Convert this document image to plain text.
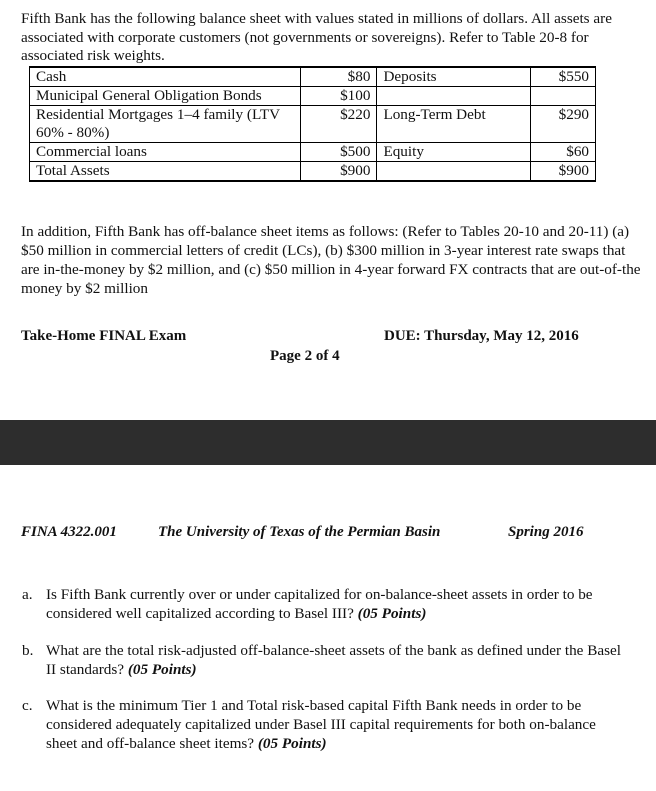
Fifth Bank has the following balance sheet with values stated in millions of dollars. All assets are associated with corporate customers (not governments or sovereigns). Refer to Table 20-8 for associated risk weights.
Cash	$80	Deposits	$550
Municipal General Obligation Bonds	$100		
Residential Mortgages 1–4 family (LTV 60% - 80%)	$220	Long-Term Debt	$290
Commercial loans	$500	Equity	$60
Total Assets	$900		$900
In addition, Fifth Bank has off-balance sheet items as follows: (Refer to Tables 20-10 and 20-11) (a) $50 million in commercial letters of credit (LCs), (b) $300 million in 3-year interest rate swaps that are in-the-money by $2 million, and (c) $50 million in 4-year forward FX contracts that are out-of-the money by $2 million
Take-Home FINAL Exam	DUE: Thursday, May 12, 2016
Page 2 of 4
FINA 4322.001	The University of Texas of the Permian Basin	Spring 2016
a. Is Fifth Bank currently over or under capitalized for on-balance-sheet assets in order to be considered well capitalized according to Basel III? (05 Points)
b. What are the total risk-adjusted off-balance-sheet assets of the bank as defined under the Basel II standards? (05 Points)
c. What is the minimum Tier 1 and Total risk-based capital Fifth Bank needs in order to be considered adequately capitalized under Basel III capital requirements for both on-balance sheet and off-balance sheet items? (05 Points)
